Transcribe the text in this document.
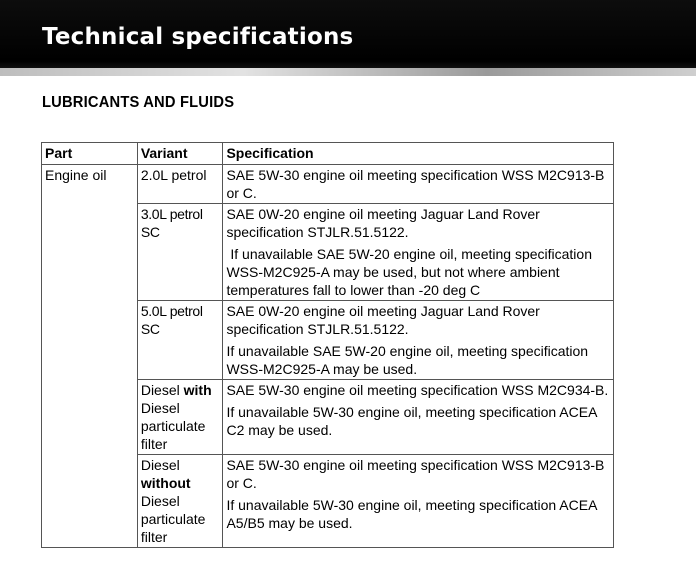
Technical specifications
LUBRICANTS AND FLUIDS
Part	Variant	Specification
Engine oil	2.0L petrol	SAE 5W-30 engine oil meeting specification WSS M2C913-B or C.

	3.0L petrol SC	SAE 0W-20 engine oil meeting Jaguar Land Rover specification STJLR.51.5122.
If unavailable SAE 5W-20 engine oil, meeting specification WSS-M2C925-A may be used, but not where ambient temperatures fall to lower than -20 deg C

	5.0L petrol SC	SAE 0W-20 engine oil meeting Jaguar Land Rover specification STJLR.51.5122.
If unavailable SAE 5W-20 engine oil, meeting specification WSS-M2C925-A may be used.

	Diesel with Diesel particulate filter	SAE 5W-30 engine oil meeting specification WSS M2C934-B.
If unavailable 5W-30 engine oil, meeting specification ACEA C2 may be used.

	Diesel without Diesel particulate filter	SAE 5W-30 engine oil meeting specification WSS M2C913-B or C.
If unavailable 5W-30 engine oil, meeting specification ACEA A5/B5 may be used.
